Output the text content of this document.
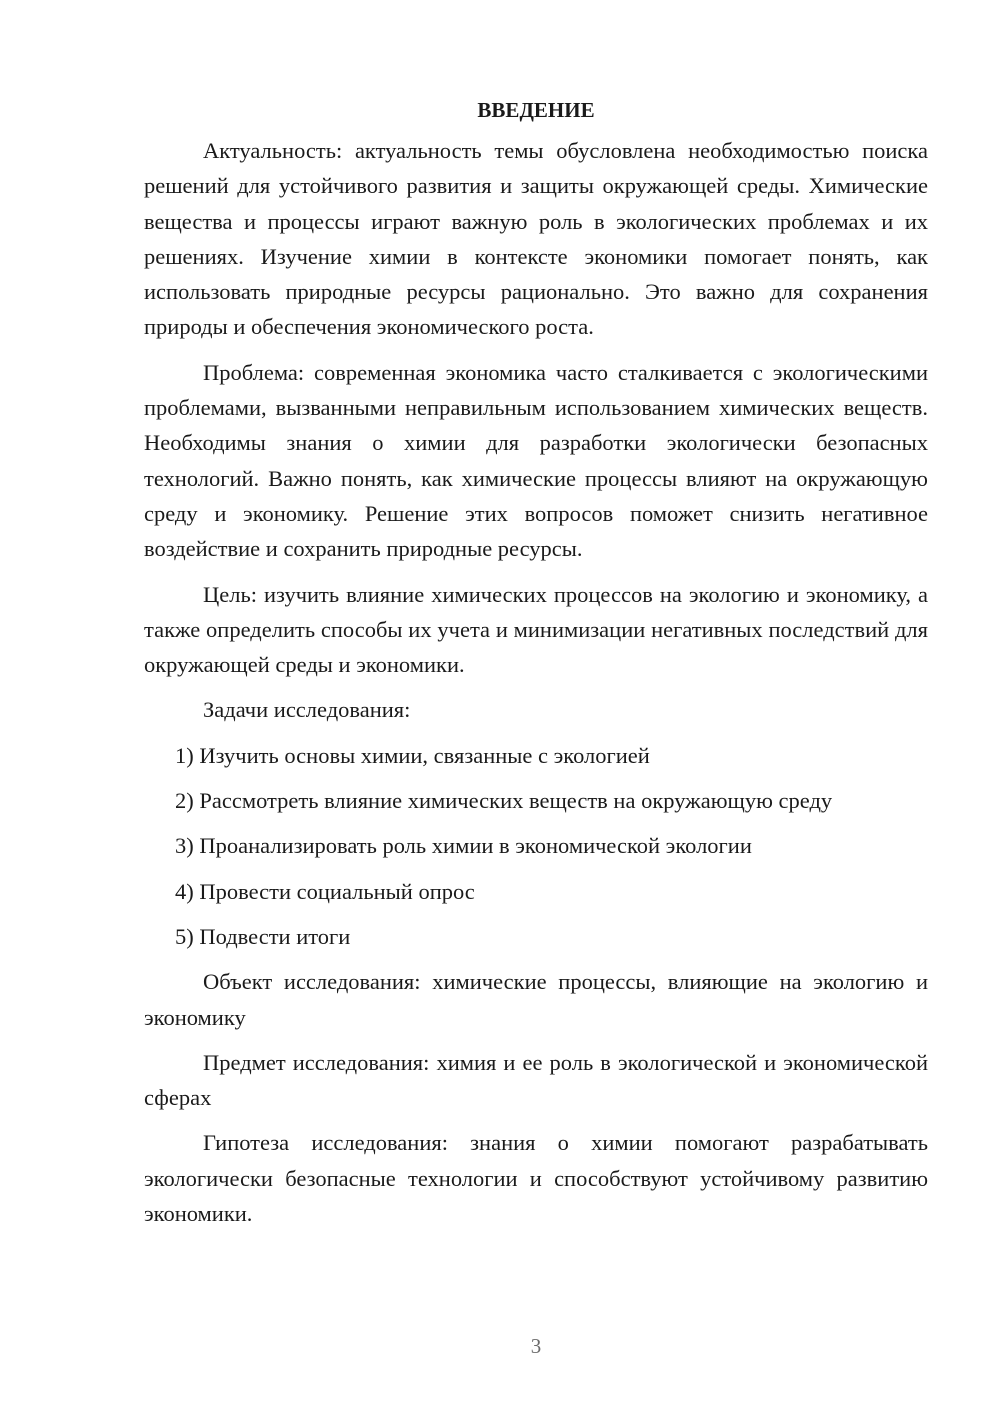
ВВЕДЕНИЕ

Актуальность: актуальность темы обусловлена необходимостью поиска решений для устойчивого развития и защиты окружающей среды. Химические вещества и процессы играют важную роль в экологических проблемах и их решениях. Изучение химии в контексте экономики помогает понять, как использовать природные ресурсы рационально. Это важно для сохранения природы и обеспечения экономического роста.

Проблема: современная экономика часто сталкивается с экологическими проблемами, вызванными неправильным использованием химических веществ. Необходимы знания о химии для разработки экологически безопасных технологий. Важно понять, как химические процессы влияют на окружающую среду и экономику. Решение этих вопросов поможет снизить негативное воздействие и сохранить природные ресурсы.

Цель: изучить влияние химических процессов на экологию и экономику, а также определить способы их учета и минимизации негативных последствий для окружающей среды и экономики.

Задачи исследования:

1) Изучить основы химии, связанные с экологией
2) Рассмотреть влияние химических веществ на окружающую среду
3) Проанализировать роль химии в экономической экологии
4) Провести социальный опрос
5) Подвести итоги

Объект исследования: химические процессы, влияющие на экологию и экономику

Предмет исследования: химия и ее роль в экологической и экономической сферах

Гипотеза исследования: знания о химии помогают разрабатывать экологически безопасные технологии и способствуют устойчивому развитию экономики.

3
